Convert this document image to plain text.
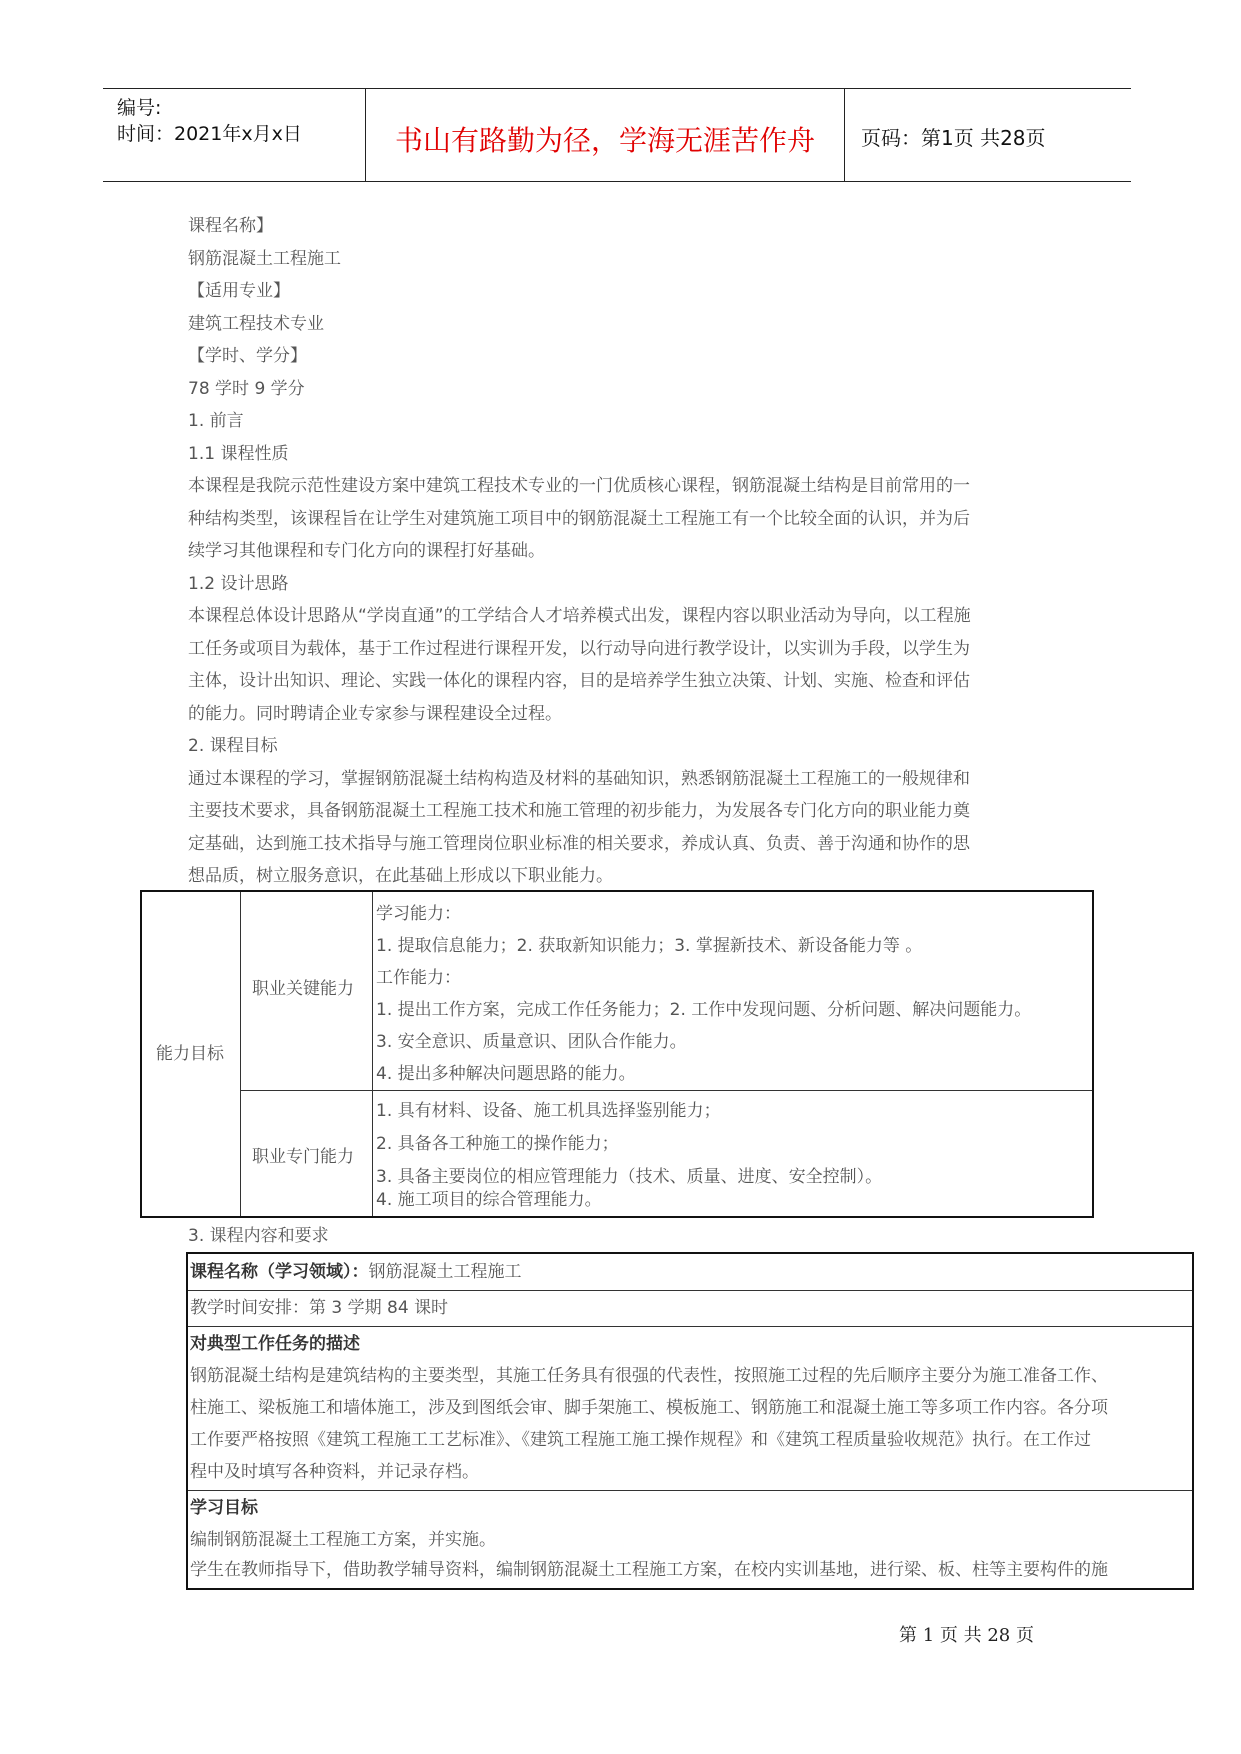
编号:
时间：2021年x月x日	书山有路勤为径，学海无涯苦作舟	页码：第1页 共28页
课程名称】
钢筋混凝土工程施工
【适用专业】
建筑工程技术专业
【学时、学分】
78 学时 9 学分
1. 前言
1.1 课程性质
本课程是我院示范性建设方案中建筑工程技术专业的一门优质核心课程，钢筋混凝土结构是目前常用的一
种结构类型，该课程旨在让学生对建筑施工项目中的钢筋混凝土工程施工有一个比较全面的认识，并为后
续学习其他课程和专门化方向的课程打好基础。
1.2 设计思路
本课程总体设计思路从“学岗直通”的工学结合人才培养模式出发，课程内容以职业活动为导向，以工程施
工任务或项目为载体，基于工作过程进行课程开发，以行动导向进行教学设计，以实训为手段，以学生为
主体，设计出知识、理论、实践一体化的课程内容，目的是培养学生独立决策、计划、实施、检查和评估
的能力。同时聘请企业专家参与课程建设全过程。
2. 课程目标
通过本课程的学习，掌握钢筋混凝土结构构造及材料的基础知识，熟悉钢筋混凝土工程施工的一般规律和
主要技术要求，具备钢筋混凝土工程施工技术和施工管理的初步能力，为发展各专门化方向的职业能力奠
定基础，达到施工技术指导与施工管理岗位职业标准的相关要求，养成认真、负责、善于沟通和协作的思
想品质，树立服务意识，在此基础上形成以下职业能力。
能力目标
职业关键能力
职业专门能力
学习能力：
1. 提取信息能力；2. 获取新知识能力；3. 掌握新技术、新设备能力等 。
工作能力：
1. 提出工作方案，完成工作任务能力；2. 工作中发现问题、分析问题、解决问题能力。
3. 安全意识、质量意识、团队合作能力。
4. 提出多种解决问题思路的能力。
1. 具有材料、设备、施工机具选择鉴别能力；
2. 具备各工种施工的操作能力；
3. 具备主要岗位的相应管理能力（技术、质量、进度、安全控制）。
4. 施工项目的综合管理能力。
3. 课程内容和要求
课程名称（学习领域）：钢筋混凝土工程施工
教学时间安排：第 3 学期 84 课时
对典型工作任务的描述
钢筋混凝土结构是建筑结构的主要类型，其施工任务具有很强的代表性，按照施工过程的先后顺序主要分为施工准备工作、
柱施工、梁板施工和墙体施工，涉及到图纸会审、脚手架施工、模板施工、钢筋施工和混凝土施工等多项工作内容。各分项
工作要严格按照《建筑工程施工工艺标准》、《建筑工程施工施工操作规程》和《建筑工程质量验收规范》执行。在工作过
程中及时填写各种资料，并记录存档。
学习目标
编制钢筋混凝土工程施工方案，并实施。
学生在教师指导下，借助教学辅导资料，编制钢筋混凝土工程施工方案，在校内实训基地，进行梁、板、柱等主要构件的施
第 1 页 共 28 页
